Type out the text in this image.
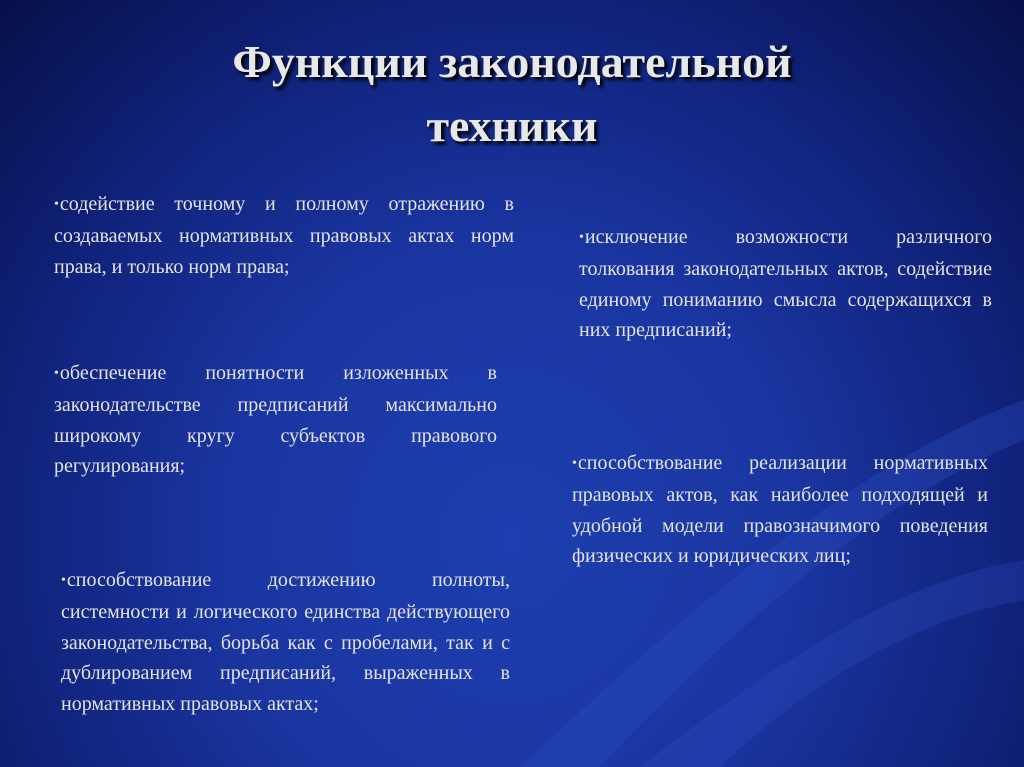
Функции законодательной
техники
•содействие точному и полному отражению в создаваемых нормативных правовых актах норм права, и только норм права;
•обеспечение понятности изложенных в законодательстве предписаний максимально широкому кругу субъектов правового регулирования;
•способствование достижению полноты, системности и логического единства действующего законодательства, борьба как с пробелами, так и с дублированием предписаний, выраженных в нормативных правовых актах;
•исключение возможности различного толкования законодательных актов, содействие единому пониманию смысла содержащихся в них предписаний;
•способствование реализации нормативных правовых актов, как наиболее подходящей и удобной модели правозначимого поведения физических и юридических лиц;
